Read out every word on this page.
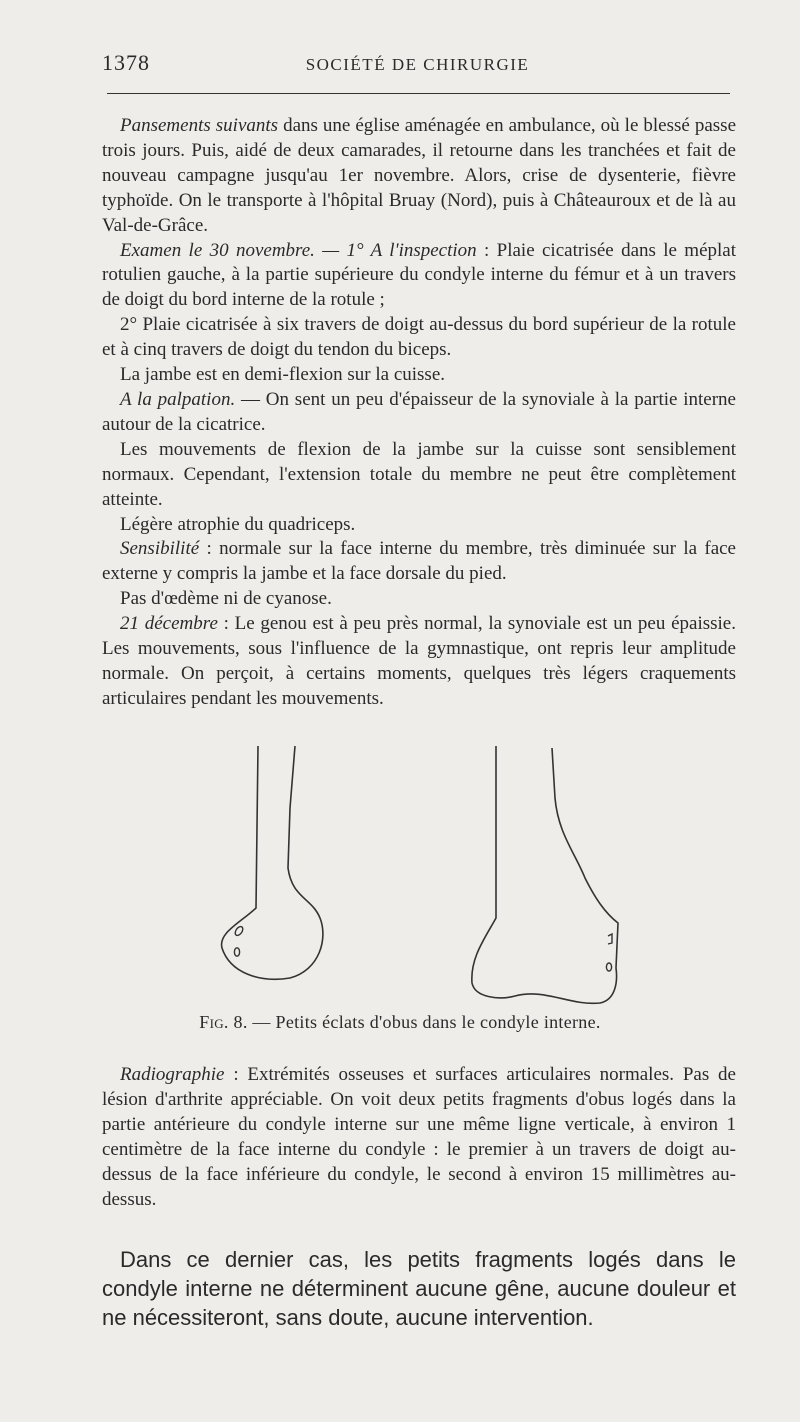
1378	SOCIÉTÉ DE CHIRURGIE

Pansements suivants dans une église aménagée en ambulance, où le blessé passe trois jours. Puis, aidé de deux camarades, il retourne dans les tranchées et fait de nouveau campagne jusqu'au 1er novembre. Alors, crise de dysenterie, fièvre typhoïde. On le transporte à l'hôpital Bruay (Nord), puis à Châteauroux et de là au Val-de-Grâce.

Examen le 30 novembre. — 1° A l'inspection : Plaie cicatrisée dans le méplat rotulien gauche, à la partie supérieure du condyle interne du fémur et à un travers de doigt du bord interne de la rotule ;

2° Plaie cicatrisée à six travers de doigt au-dessus du bord supérieur de la rotule et à cinq travers de doigt du tendon du biceps.

La jambe est en demi-flexion sur la cuisse.

A la palpation. — On sent un peu d'épaisseur de la synoviale à la partie interne autour de la cicatrice.

Les mouvements de flexion de la jambe sur la cuisse sont sensiblement normaux. Cependant, l'extension totale du membre ne peut être complètement atteinte.

Légère atrophie du quadriceps.

Sensibilité : normale sur la face interne du membre, très diminuée sur la face externe y compris la jambe et la face dorsale du pied.

Pas d'œdème ni de cyanose.

21 décembre : Le genou est à peu près normal, la synoviale est un peu épaissie. Les mouvements, sous l'influence de la gymnastique, ont repris leur amplitude normale. On perçoit, à certains moments, quelques très légers craquements articulaires pendant les mouvements.

Fig. 8. — Petits éclats d'obus dans le condyle interne.

Radiographie : Extrémités osseuses et surfaces articulaires normales. Pas de lésion d'arthrite appréciable. On voit deux petits fragments d'obus logés dans la partie antérieure du condyle interne sur une même ligne verticale, à environ 1 centimètre de la face interne du condyle : le premier à un travers de doigt au-dessus de la face inférieure du condyle, le second à environ 15 millimètres au-dessus.

Dans ce dernier cas, les petits fragments logés dans le condyle interne ne déterminent aucune gêne, aucune douleur et ne nécessiteront, sans doute, aucune intervention.
